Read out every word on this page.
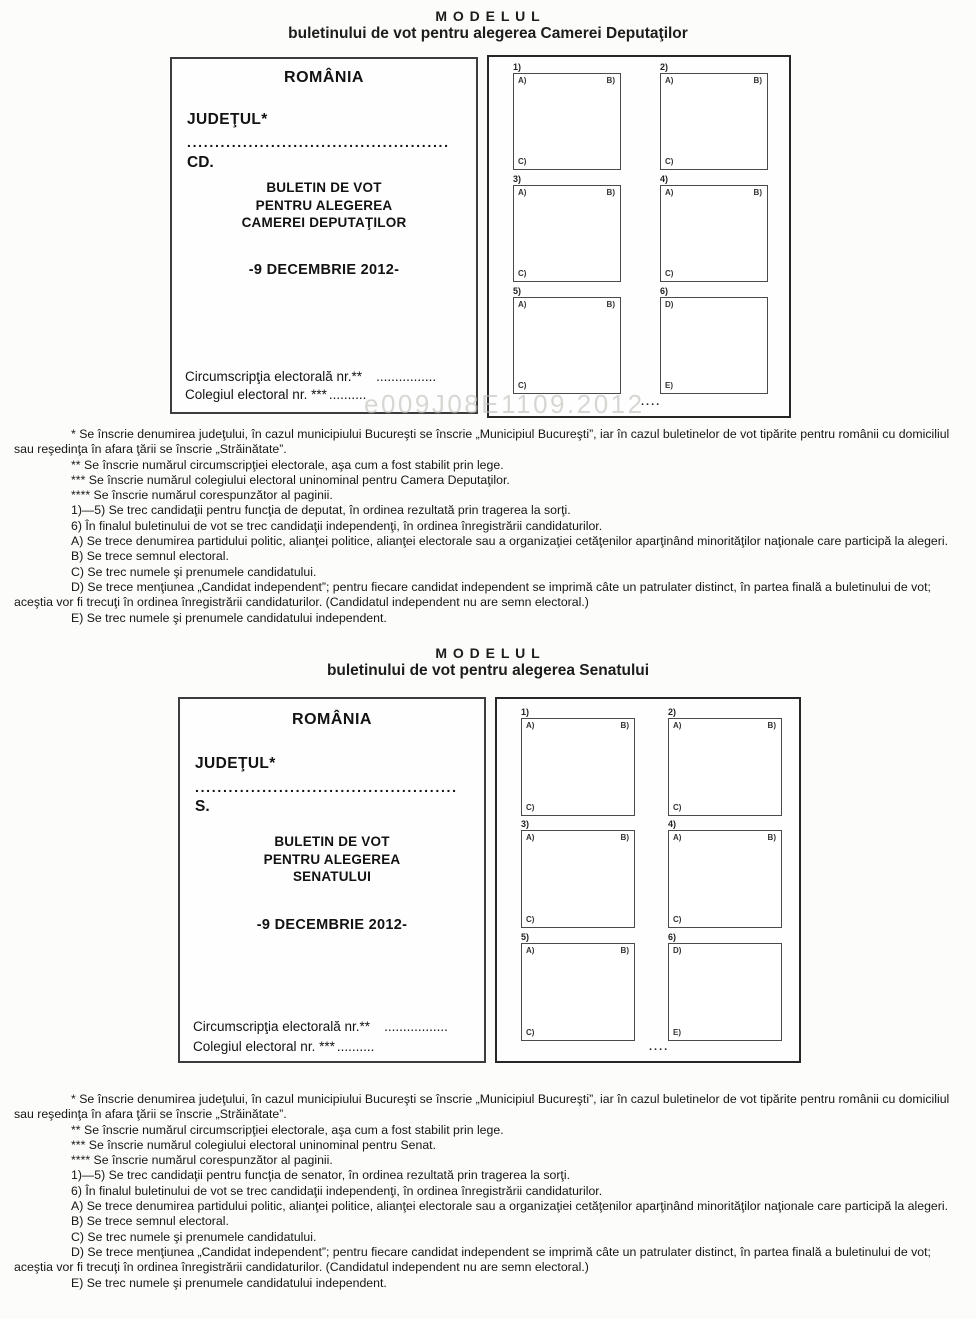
M O D E L U L
buletinului de vot pentru alegerea Camerei Deputaţilor
ROMÂNIA
JUDEŢUL*
...............................................
CD.
BULETIN DE VOT
PENTRU ALEGEREA
CAMEREI DEPUTAŢILOR
-9 DECEMBRIE 2012-
Circumscripţia electorală nr.** ................
Colegiul electoral nr. *** ..........
1)
A)	B)
C)
2)
A)	B)
C)
3)
A)	B)
C)
4)
A)	B)
C)
5)
A)	B)
C)
6)
D)
E)
....
e009J08E1109.2012

* Se înscrie denumirea judeţului, în cazul municipiului Bucureşti se înscrie „Municipiul Bucureşti”, iar în cazul buletinelor de vot tipărite pentru românii cu domiciliul sau reşedinţa în afara ţării se înscrie „Străinătate”.

** Se înscrie numărul circumscripţiei electorale, aşa cum a fost stabilit prin lege.

*** Se înscrie numărul colegiului electoral uninominal pentru Camera Deputaţilor.

**** Se înscrie numărul corespunzător al paginii.

1)—5) Se trec candidaţii pentru funcţia de deputat, în ordinea rezultată prin tragerea la sorţi.

6) În finalul buletinului de vot se trec candidaţii independenţi, în ordinea înregistrării candidaturilor.

A) Se trece denumirea partidului politic, alianţei politice, alianţei electorale sau a organizaţiei cetăţenilor aparţinând minorităţilor naţionale care participă la alegeri.

B) Se trece semnul electoral.

C) Se trec numele şi prenumele candidatului.

D) Se trece menţiunea „Candidat independent”; pentru fiecare candidat independent se imprimă câte un patrulater distinct, în partea finală a buletinului de vot; aceştia vor fi trecuţi în ordinea înregistrării candidaturilor. (Candidatul independent nu are semn electoral.)

E) Se trec numele şi prenumele candidatului independent.

M O D E L U L
buletinului de vot pentru alegerea Senatului
ROMÂNIA
JUDEŢUL*
...............................................
S.
BULETIN DE VOT
PENTRU ALEGEREA
SENATULUI
-9 DECEMBRIE 2012-
Circumscripţia electorală nr.** .................
Colegiul electoral nr. *** ..........
1)
A)	B)
C)
2)
A)	B)
C)
3)
A)	B)
C)
4)
A)	B)
C)
5)
A)	B)
C)
6)
D)
E)
....

* Se înscrie denumirea judeţului, în cazul municipiului Bucureşti se înscrie „Municipiul Bucureşti”, iar în cazul buletinelor de vot tipărite pentru românii cu domiciliul sau reşedinţa în afara ţării se înscrie „Străinătate”.

** Se înscrie numărul circumscripţiei electorale, aşa cum a fost stabilit prin lege.

*** Se înscrie numărul colegiului electoral uninominal pentru Senat.

**** Se înscrie numărul corespunzător al paginii.

1)—5) Se trec candidaţii pentru funcţia de senator, în ordinea rezultată prin tragerea la sorţi.

6) În finalul buletinului de vot se trec candidaţii independenţi, în ordinea înregistrării candidaturilor.

A) Se trece denumirea partidului politic, alianţei politice, alianţei electorale sau a organizaţiei cetăţenilor aparţinând minorităţilor naţionale care participă la alegeri.

B) Se trece semnul electoral.

C) Se trec numele şi prenumele candidatului.

D) Se trece menţiunea „Candidat independent”; pentru fiecare candidat independent se imprimă câte un patrulater distinct, în partea finală a buletinului de vot; aceştia vor fi trecuţi în ordinea înregistrării candidaturilor. (Candidatul independent nu are semn electoral.)

E) Se trec numele şi prenumele candidatului independent.
